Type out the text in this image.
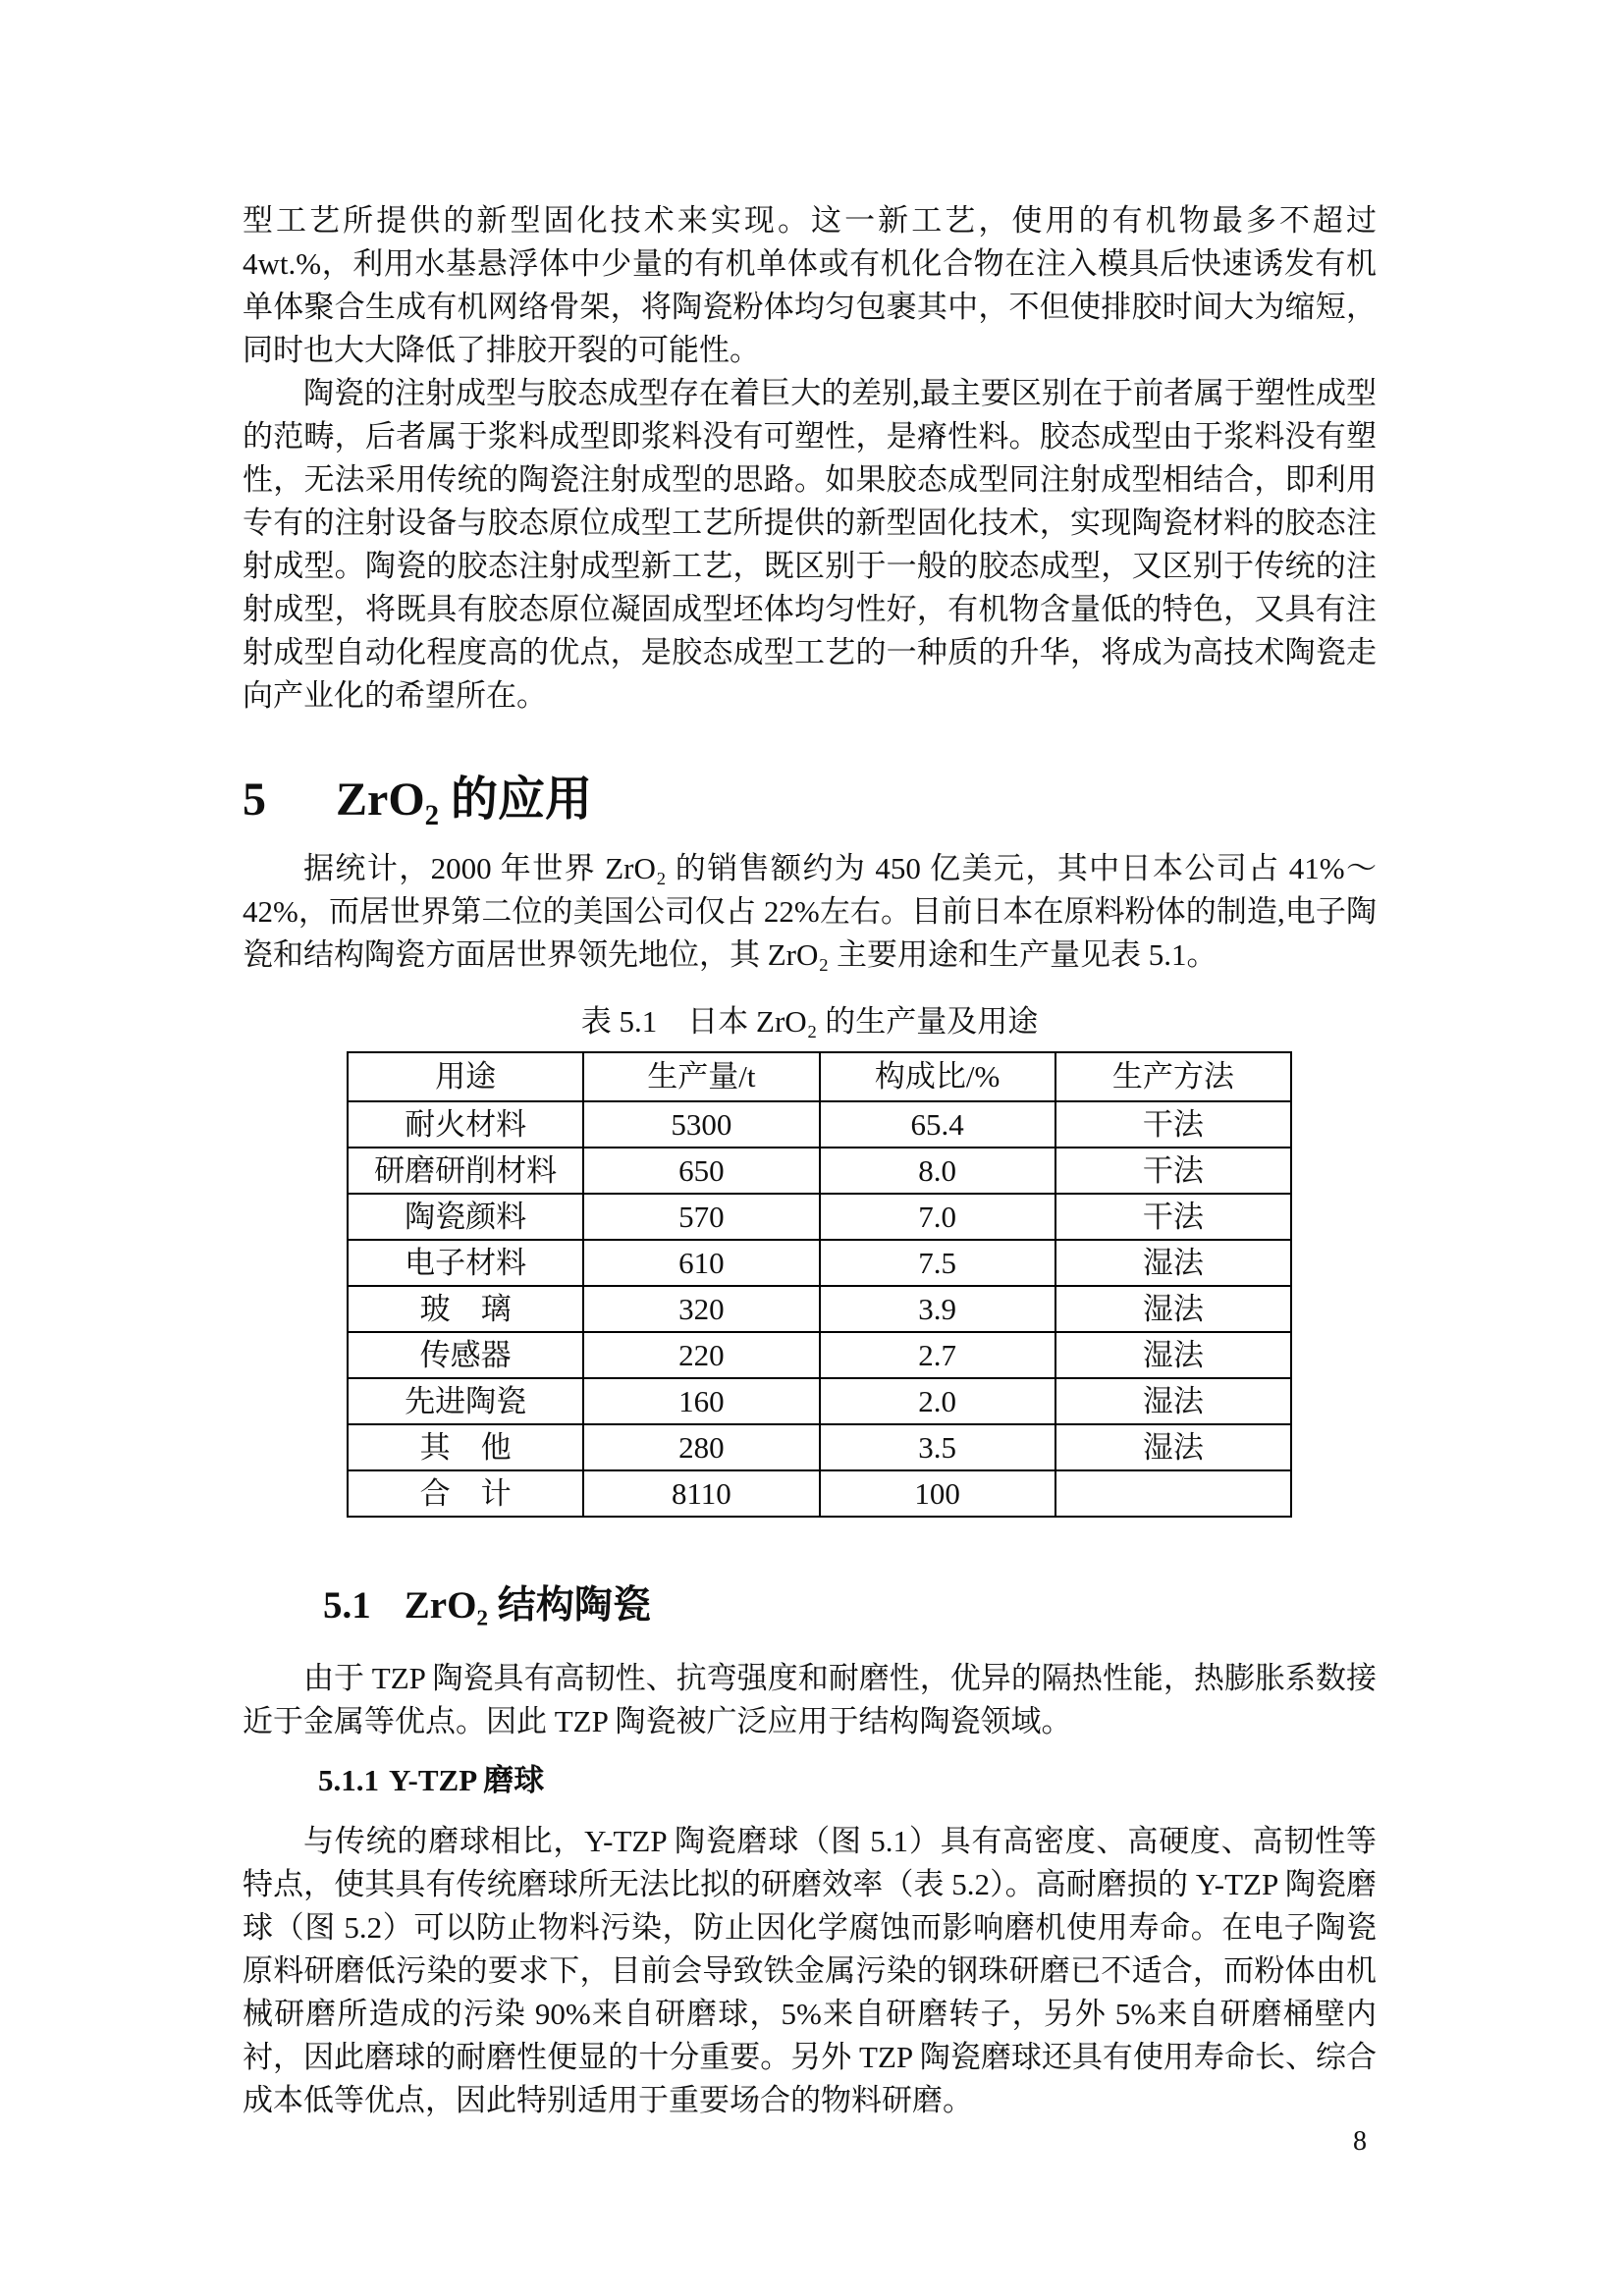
型工艺所提供的新型固化技术来实现。这一新工艺，使用的有机物最多不超过 4wt.%，利用水基悬浮体中少量的有机单体或有机化合物在注入模具后快速诱发有机单体聚合生成有机网络骨架，将陶瓷粉体均匀包裹其中，不但使排胶时间大为缩短，同时也大大降低了排胶开裂的可能性。

陶瓷的注射成型与胶态成型存在着巨大的差别,最主要区别在于前者属于塑性成型的范畴，后者属于浆料成型即浆料没有可塑性，是瘠性料。胶态成型由于浆料没有塑性，无法采用传统的陶瓷注射成型的思路。如果胶态成型同注射成型相结合，即利用专有的注射设备与胶态原位成型工艺所提供的新型固化技术，实现陶瓷材料的胶态注射成型。陶瓷的胶态注射成型新工艺，既区别于一般的胶态成型，又区别于传统的注射成型，将既具有胶态原位凝固成型坯体均匀性好，有机物含量低的特色，又具有注射成型自动化程度高的优点，是胶态成型工艺的一种质的升华，将成为高技术陶瓷走向产业化的希望所在。

5 ZrO₂ 的应用

据统计，2000 年世界 ZrO₂ 的销售额约为 450 亿美元，其中日本公司占 41%～42%，而居世界第二位的美国公司仅占 22%左右。目前日本在原料粉体的制造,电子陶瓷和结构陶瓷方面居世界领先地位，其 ZrO₂ 主要用途和生产量见表 5.1。

表 5.1　日本 ZrO₂ 的生产量及用途
用途	生产量/t	构成比/%	生产方法
耐火材料	5300	65.4	干法
研磨研削材料	650	8.0	干法
陶瓷颜料	570	7.0	干法
电子材料	610	7.5	湿法
玻　璃	320	3.9	湿法
传感器	220	2.7	湿法
先进陶瓷	160	2.0	湿法
其　他	280	3.5	湿法
合　计	8110	100	
5.1 ZrO₂ 结构陶瓷

由于 TZP 陶瓷具有高韧性、抗弯强度和耐磨性，优异的隔热性能，热膨胀系数接近于金属等优点。因此 TZP 陶瓷被广泛应用于结构陶瓷领域。

5.1.1 Y-TZP 磨球

与传统的磨球相比，Y-TZP 陶瓷磨球（图 5.1）具有高密度、高硬度、高韧性等特点，使其具有传统磨球所无法比拟的研磨效率（表 5.2）。高耐磨损的 Y-TZP 陶瓷磨球（图 5.2）可以防止物料污染，防止因化学腐蚀而影响磨机使用寿命。在电子陶瓷原料研磨低污染的要求下，目前会导致铁金属污染的钢珠研磨已不适合，而粉体由机械研磨所造成的污染 90%来自研磨球，5%来自研磨转子，另外 5%来自研磨桶壁内衬，因此磨球的耐磨性便显的十分重要。另外 TZP 陶瓷磨球还具有使用寿命长、综合成本低等优点，因此特别适用于重要场合的物料研磨。

8
